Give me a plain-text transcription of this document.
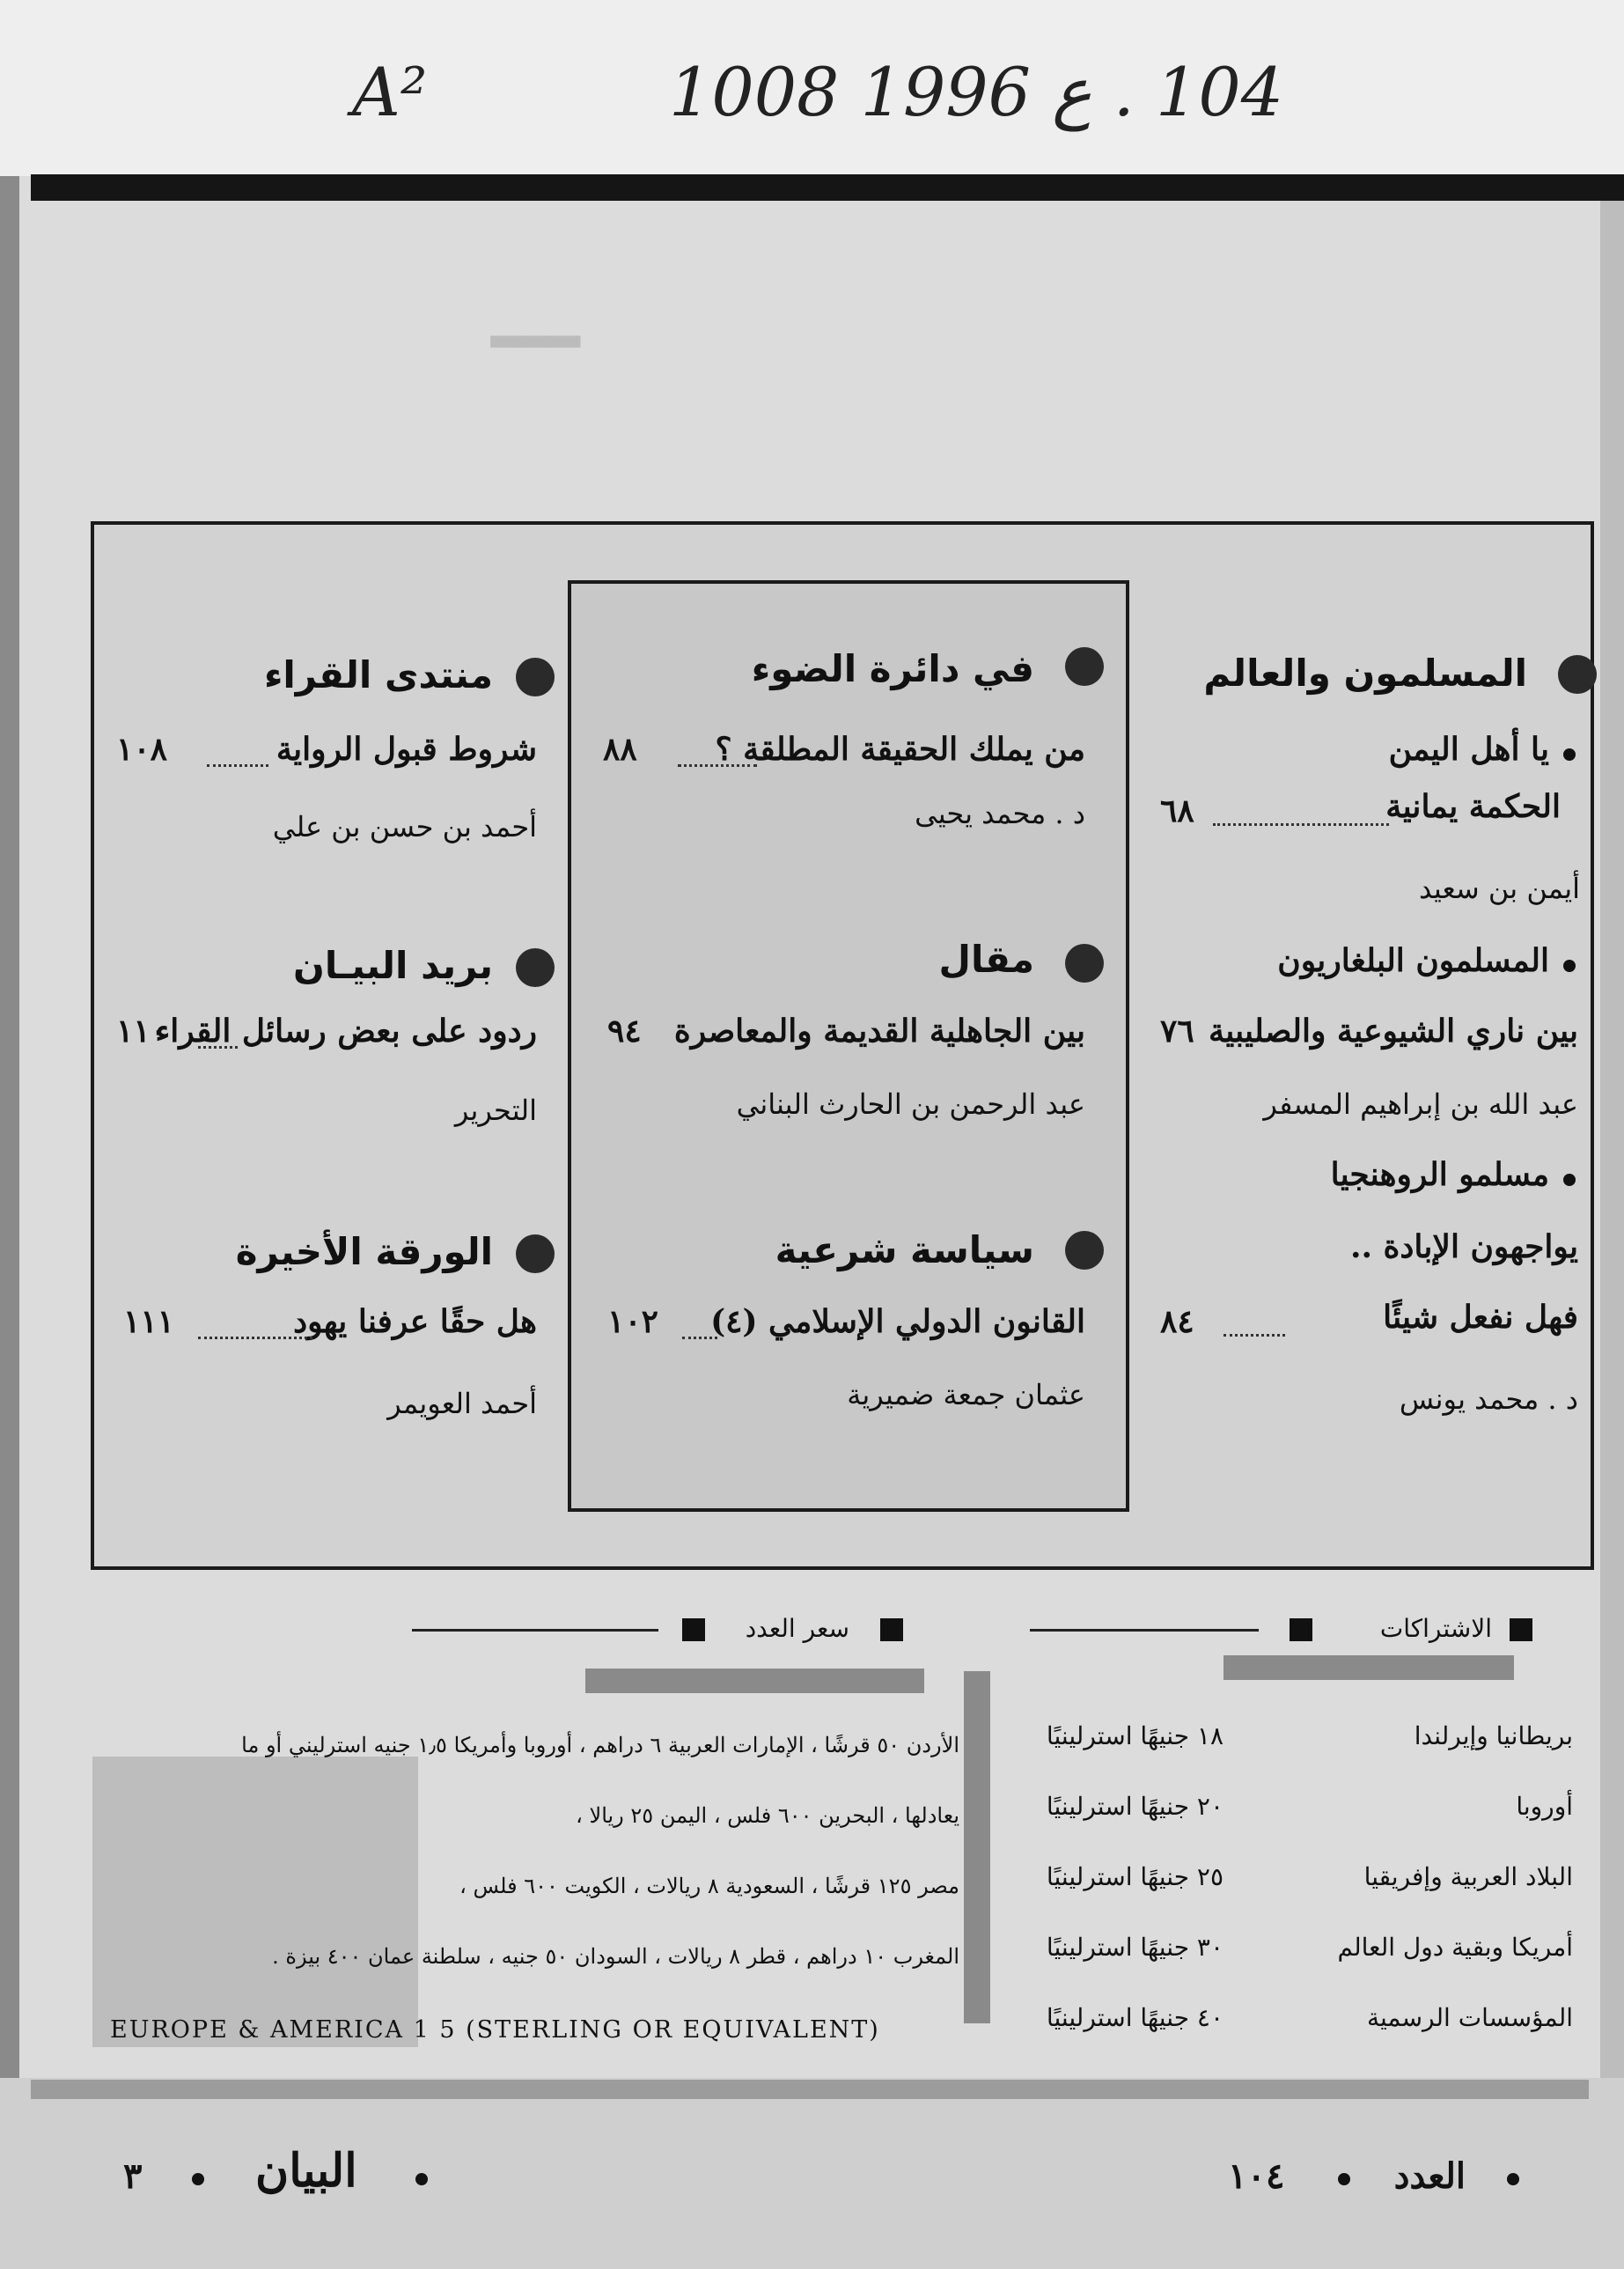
A²	104 . ع 1996 1008
ـــ
المسلمون والعالم
يا أهل اليمن
الحكمة يمانية
٦٨
أيمن بن سعيد
المسلمون البلغاريون
بين ناري الشيوعية والصليبية
٧٦
عبد الله بن إبراهيم المسفر
مسلمو الروهنجيا
يواجهون الإبادة ..
فهل نفعل شيئًا
٨٤
د . محمد يونس
في دائرة الضوء
من يملك الحقيقة المطلقة ؟
٨٨
د . محمد يحيى
مقال
بين الجاهلية القديمة والمعاصرة
٩٤
عبد الرحمن بن الحارث البناني
سياسة شرعية
القانون الدولي الإسلامي (٤)
١٠٢
عثمان جمعة ضميرية
منتدى القراء
شروط قبول الرواية
١٠٨
أحمد بن حسن بن علي
بريد البيـان
ردود على بعض رسائل القراء
١١٠
التحرير
الورقة الأخيرة
هل حقًا عرفنا يهود
١١١
أحمد العويمر
الاشتراكات
بريطانيا وإيرلندا
١٨ جنيهًا استرلينيًا
أوروبا
٢٠ جنيهًا استرلينيًا
البلاد العربية وإفريقيا
٢٥ جنيهًا استرلينيًا
أمريكا وبقية دول العالم
٣٠ جنيهًا استرلينيًا
المؤسسات الرسمية
٤٠ جنيهًا استرلينيًا
سعر العدد
الأردن ٥٠ قرشًا ، الإمارات العربية ٦ دراهم ، أوروبا وأمريكا ١٫٥ جنيه استرليني أو ما
يعادلها ، البحرين ٦٠٠ فلس ، اليمن ٢٥ ريالا ،
مصر ١٢٥ قرشًا ، السعودية ٨ ريالات ، الكويت ٦٠٠ فلس ،
المغرب ١٠ دراهم ، قطر ٨ ريالات ، السودان ٥٠ جنيه ، سلطنة عمان ٤٠٠ بيزة .
EUROPE & AMERICA 1 5 (STERLING OR EQUIVALENT)
العدد
١٠٤
البيان
٣
